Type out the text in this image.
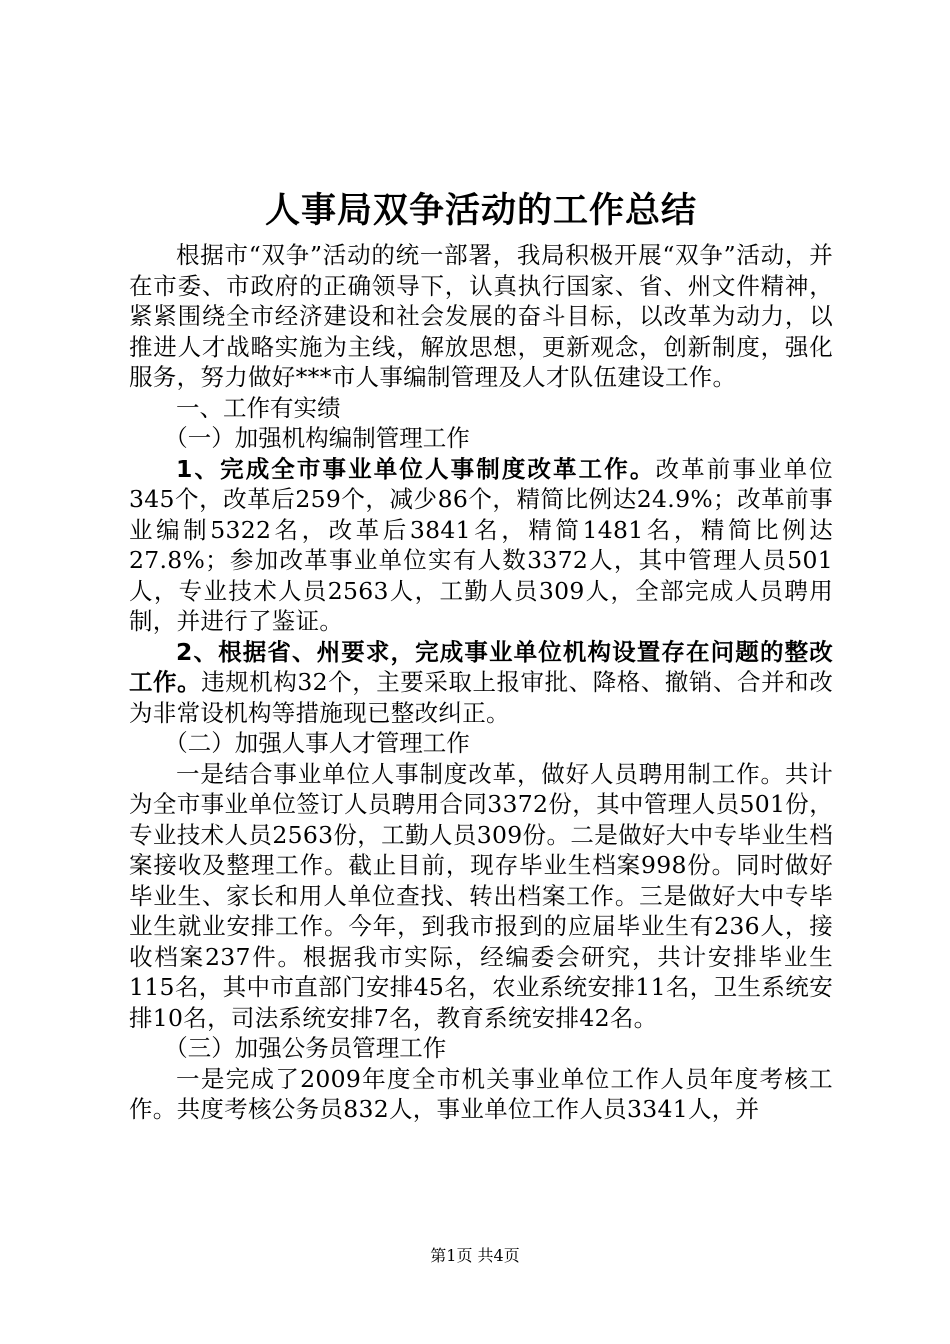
人事局双争活动的工作总结

根据市“双争”活动的统一部署，我局积极开展“双争”活动，并在市委、市政府的正确领导下，认真执行国家、省、州文件精神，紧紧围绕全市经济建设和社会发展的奋斗目标，以改革为动力，以推进人才战略实施为主线，解放思想，更新观念，创新制度，强化服务，努力做好***市人事编制管理及人才队伍建设工作。

一、工作有实绩

（一）加强机构编制管理工作

1、完成全市事业单位人事制度改革工作。改革前事业单位345个，改革后259个，减少86个，精简比例达24.9%；改革前事业编制5322名，改革后3841名，精简1481名，精简比例达27.8%；参加改革事业单位实有人数3372人，其中管理人员501人，专业技术人员2563人，工勤人员309人，全部完成人员聘用制，并进行了鉴证。

2、根据省、州要求，完成事业单位机构设置存在问题的整改工作。违规机构32个，主要采取上报审批、降格、撤销、合并和改为非常设机构等措施现已整改纠正。

（二）加强人事人才管理工作

一是结合事业单位人事制度改革，做好人员聘用制工作。共计为全市事业单位签订人员聘用合同3372份，其中管理人员501份，专业技术人员2563份，工勤人员309份。二是做好大中专毕业生档案接收及整理工作。截止目前，现存毕业生档案998份。同时做好毕业生、家长和用人单位查找、转出档案工作。三是做好大中专毕业生就业安排工作。今年，到我市报到的应届毕业生有236人，接收档案237件。根据我市实际，经编委会研究，共计安排毕业生115名，其中市直部门安排45名，农业系统安排11名，卫生系统安排10名，司法系统安排7名，教育系统安排42名。

（三）加强公务员管理工作

一是完成了2009年度全市机关事业单位工作人员年度考核工作。共度考核公务员832人，事业单位工作人员3341人，并

第1页 共4页
